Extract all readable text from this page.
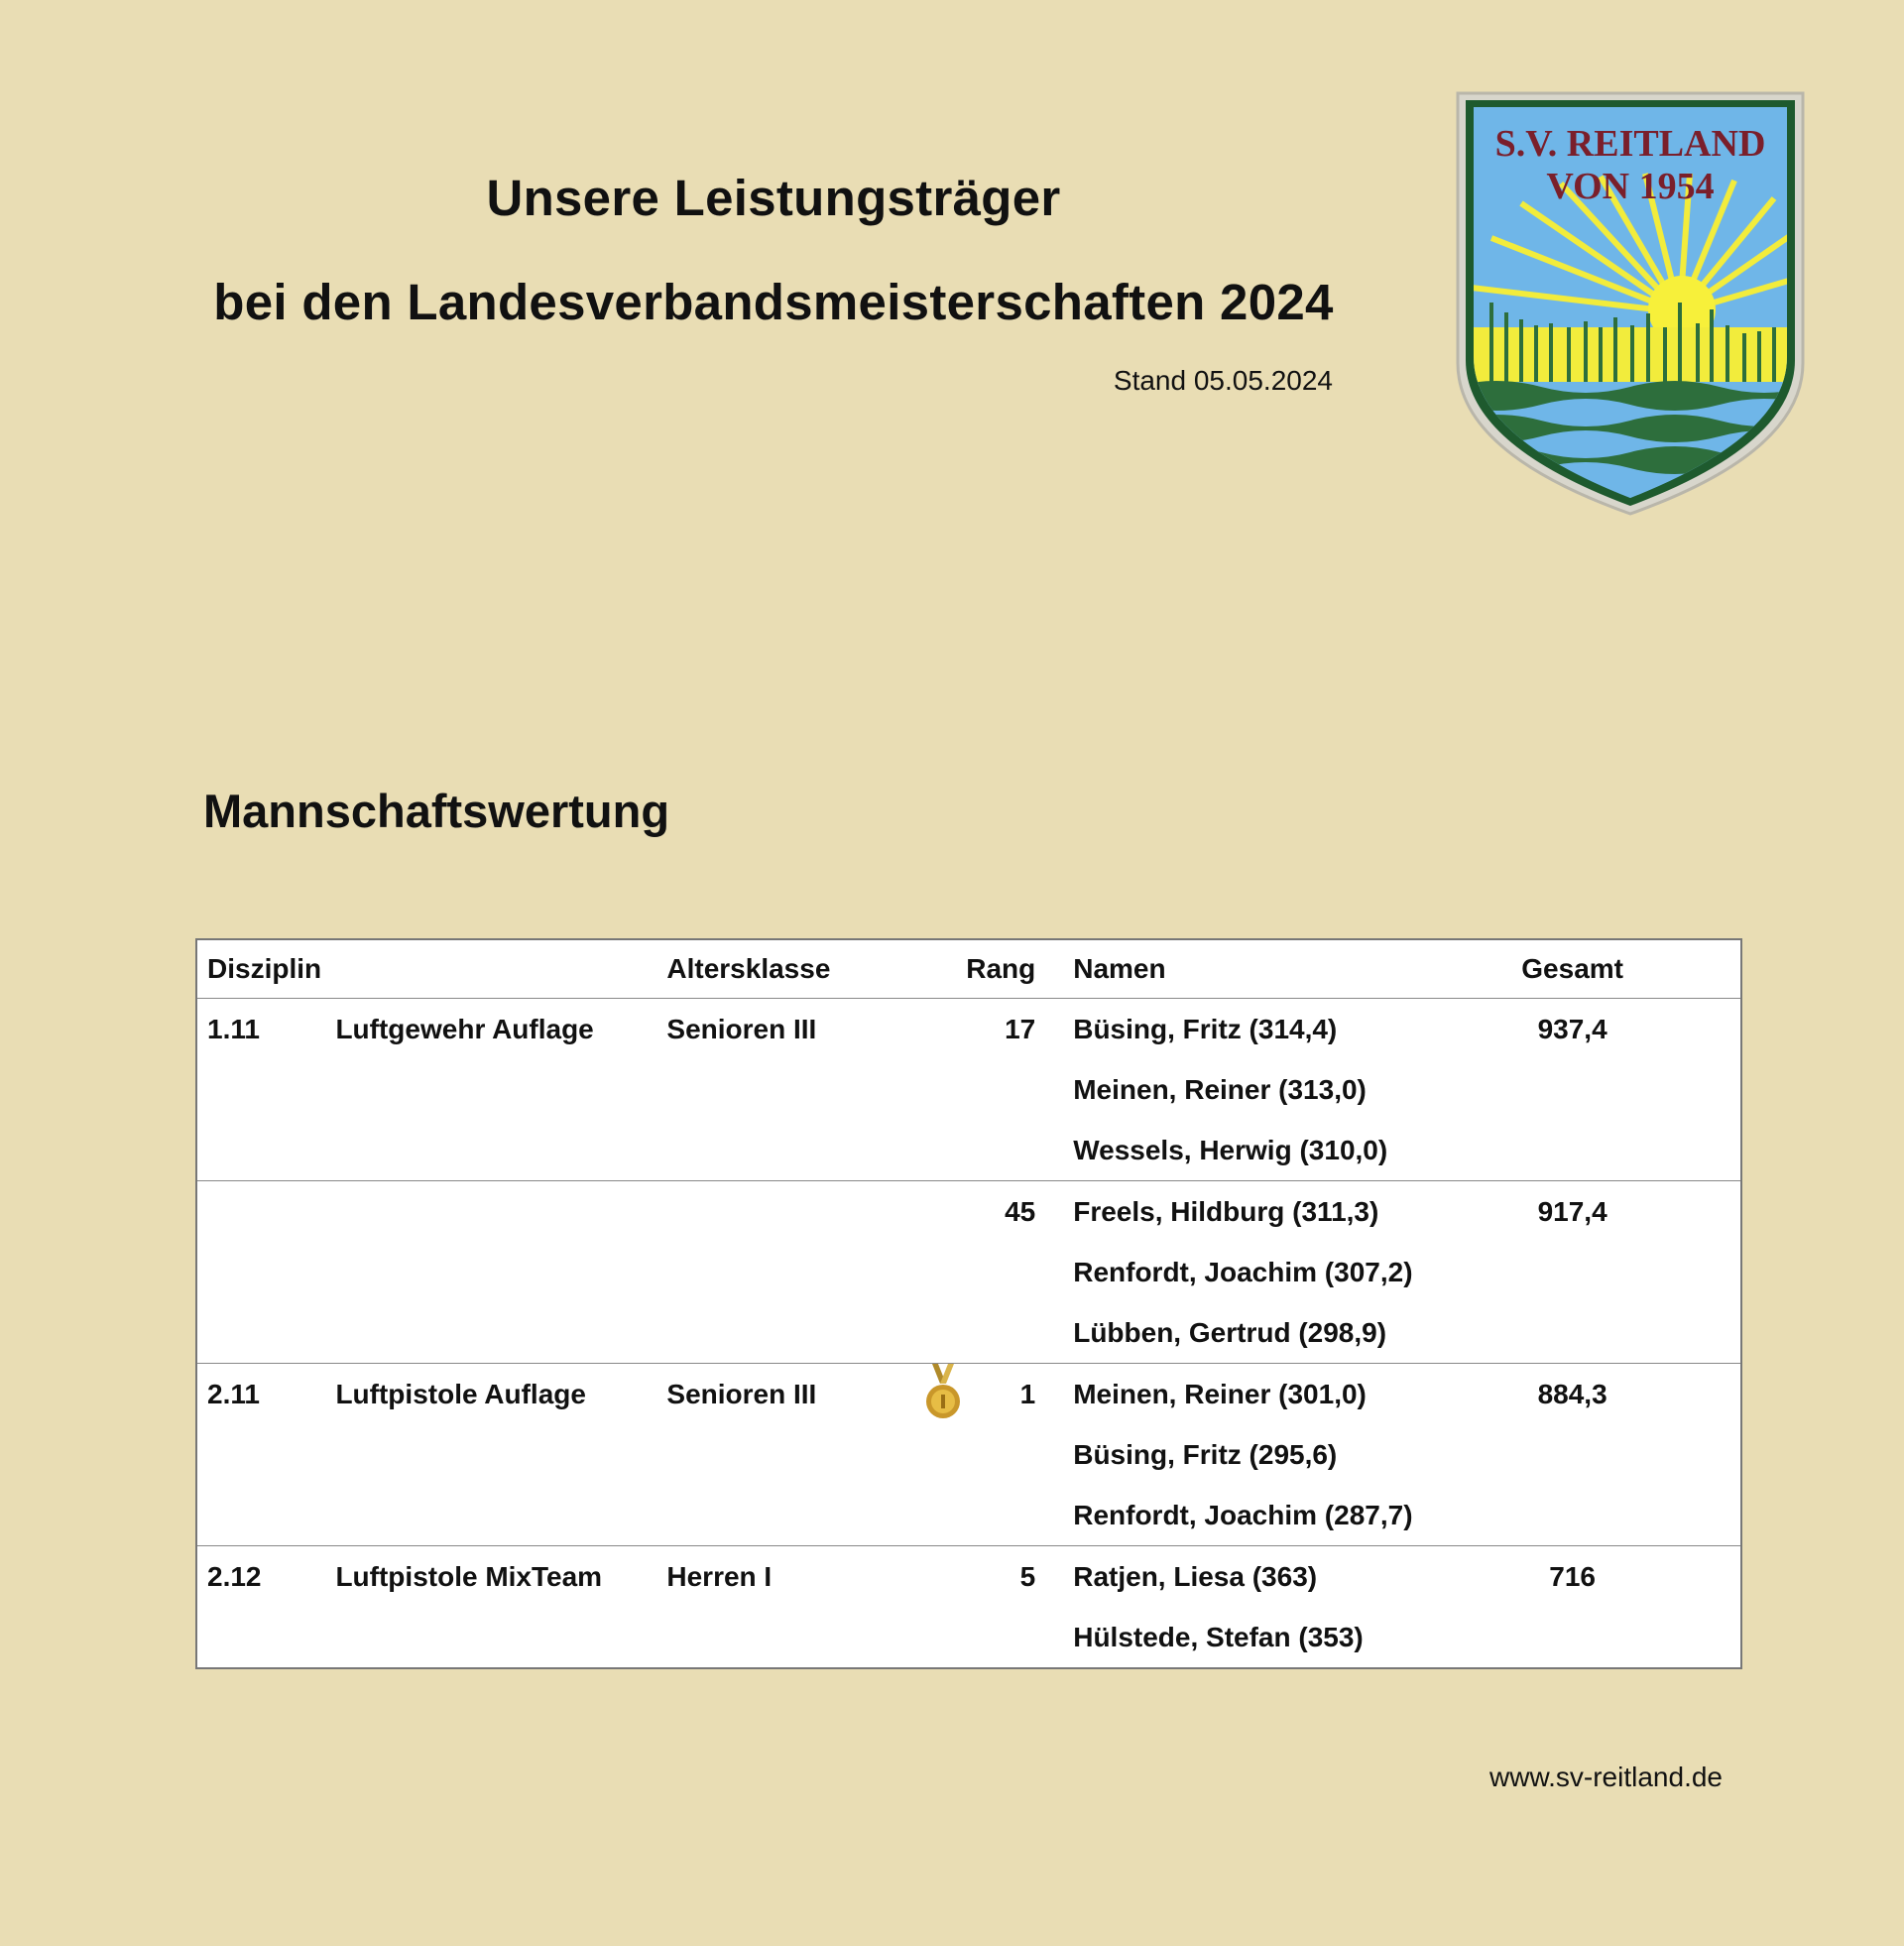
Unsere Leistungsträger
bei den Landesverbandsmeisterschaften 2024
Stand 05.05.2024
S.V. REITLAND
VON 1954
Mannschaftswertung
Disziplin		Altersklasse	Rang	Namen	Gesamt
1.11	Luftgewehr Auflage	Senioren III	17	Büsing, Fritz (314,4)	937,4
				Meinen, Reiner (313,0)	
				Wessels, Herwig (310,0)	
			45	Freels, Hildburg (311,3)	917,4
				Renfordt, Joachim (307,2)	
				Lübben, Gertrud (298,9)	
2.11	Luftpistole Auflage	Senioren III	1	Meinen, Reiner (301,0)	884,3
				Büsing, Fritz (295,6)	
				Renfordt, Joachim (287,7)	
2.12	Luftpistole MixTeam	Herren I	5	Ratjen, Liesa (363)	716
				Hülstede, Stefan (353)	
www.sv-reitland.de
